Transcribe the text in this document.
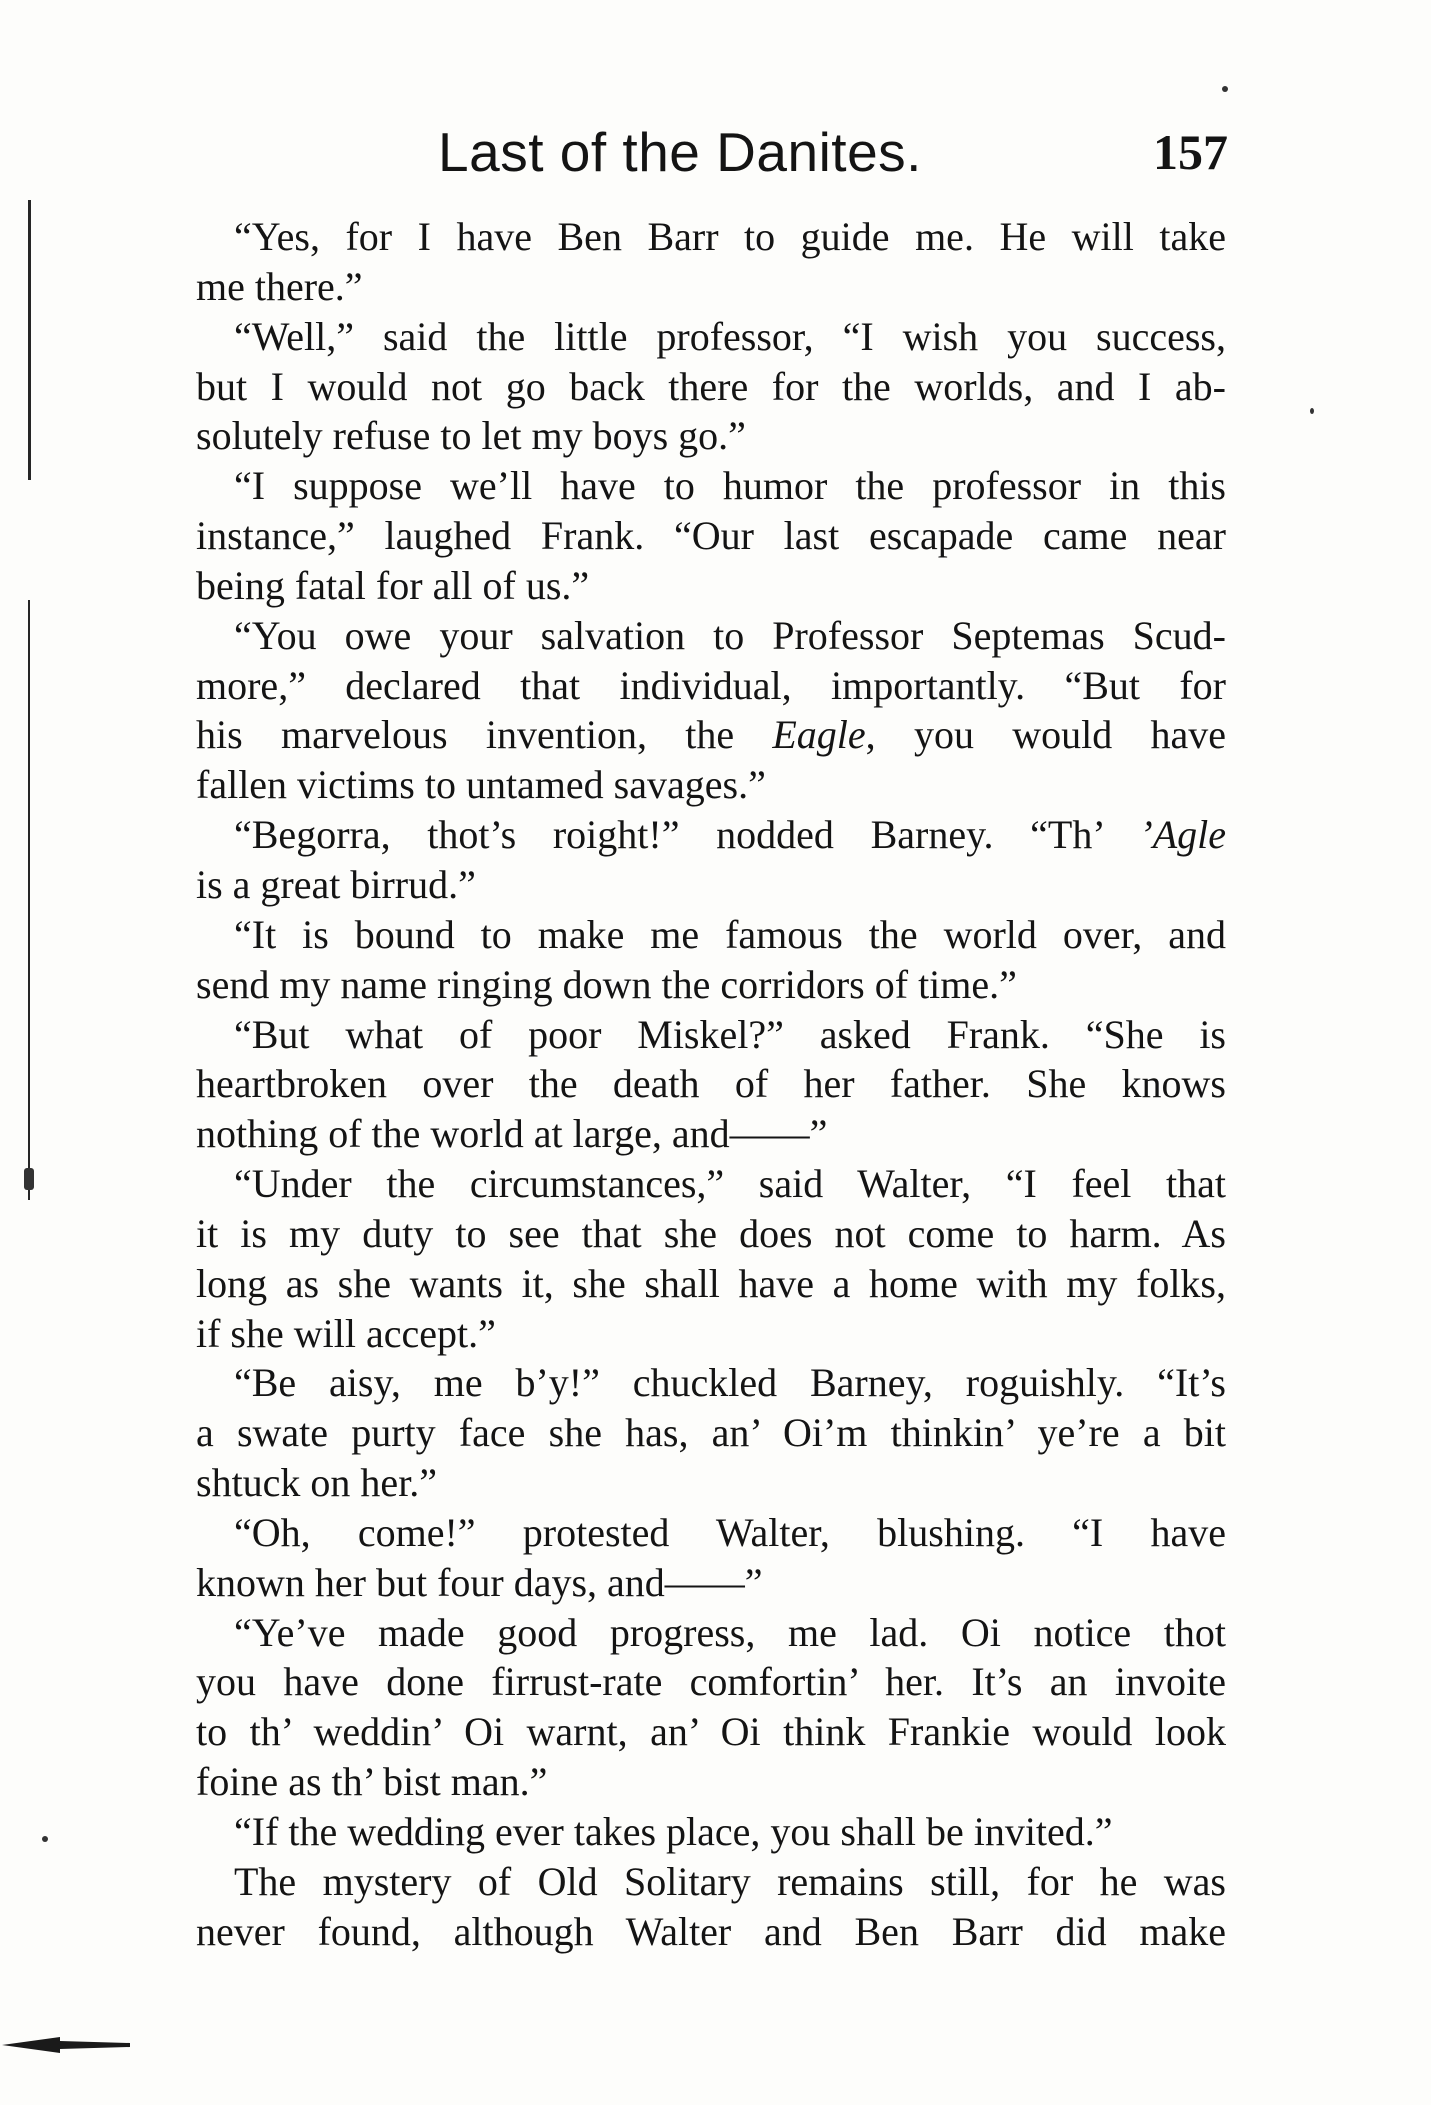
Last of the Danites.	157
“Yes, for I have Ben Barr to guide me. He will take
me there.”
“Well,” said the little professor, “I wish you success,
but I would not go back there for the worlds, and I ab-
solutely refuse to let my boys go.”
“I suppose we’ll have to humor the professor in this
instance,” laughed Frank. “Our last escapade came near
being fatal for all of us.”
“You owe your salvation to Professor Septemas Scud-
more,” declared that individual, importantly. “But for
his marvelous invention, the Eagle, you would have
fallen victims to untamed savages.”
“Begorra, thot’s roight!” nodded Barney. “Th’ ’Agle
is a great birrud.”
“It is bound to make me famous the world over, and
send my name ringing down the corridors of time.”
“But what of poor Miskel?” asked Frank. “She is
heartbroken over the death of her father. She knows
nothing of the world at large, and——”
“Under the circumstances,” said Walter, “I feel that
it is my duty to see that she does not come to harm. As
long as she wants it, she shall have a home with my folks,
if she will accept.”
“Be aisy, me b’y!” chuckled Barney, roguishly. “It’s
a swate purty face she has, an’ Oi’m thinkin’ ye’re a bit
shtuck on her.”
“Oh, come!” protested Walter, blushing. “I have
known her but four days, and——”
“Ye’ve made good progress, me lad. Oi notice thot
you have done firrust-rate comfortin’ her. It’s an invoite
to th’ weddin’ Oi warnt, an’ Oi think Frankie would look
foine as th’ bist man.”
“If the wedding ever takes place, you shall be invited.”
The mystery of Old Solitary remains still, for he was
never found, although Walter and Ben Barr did make
